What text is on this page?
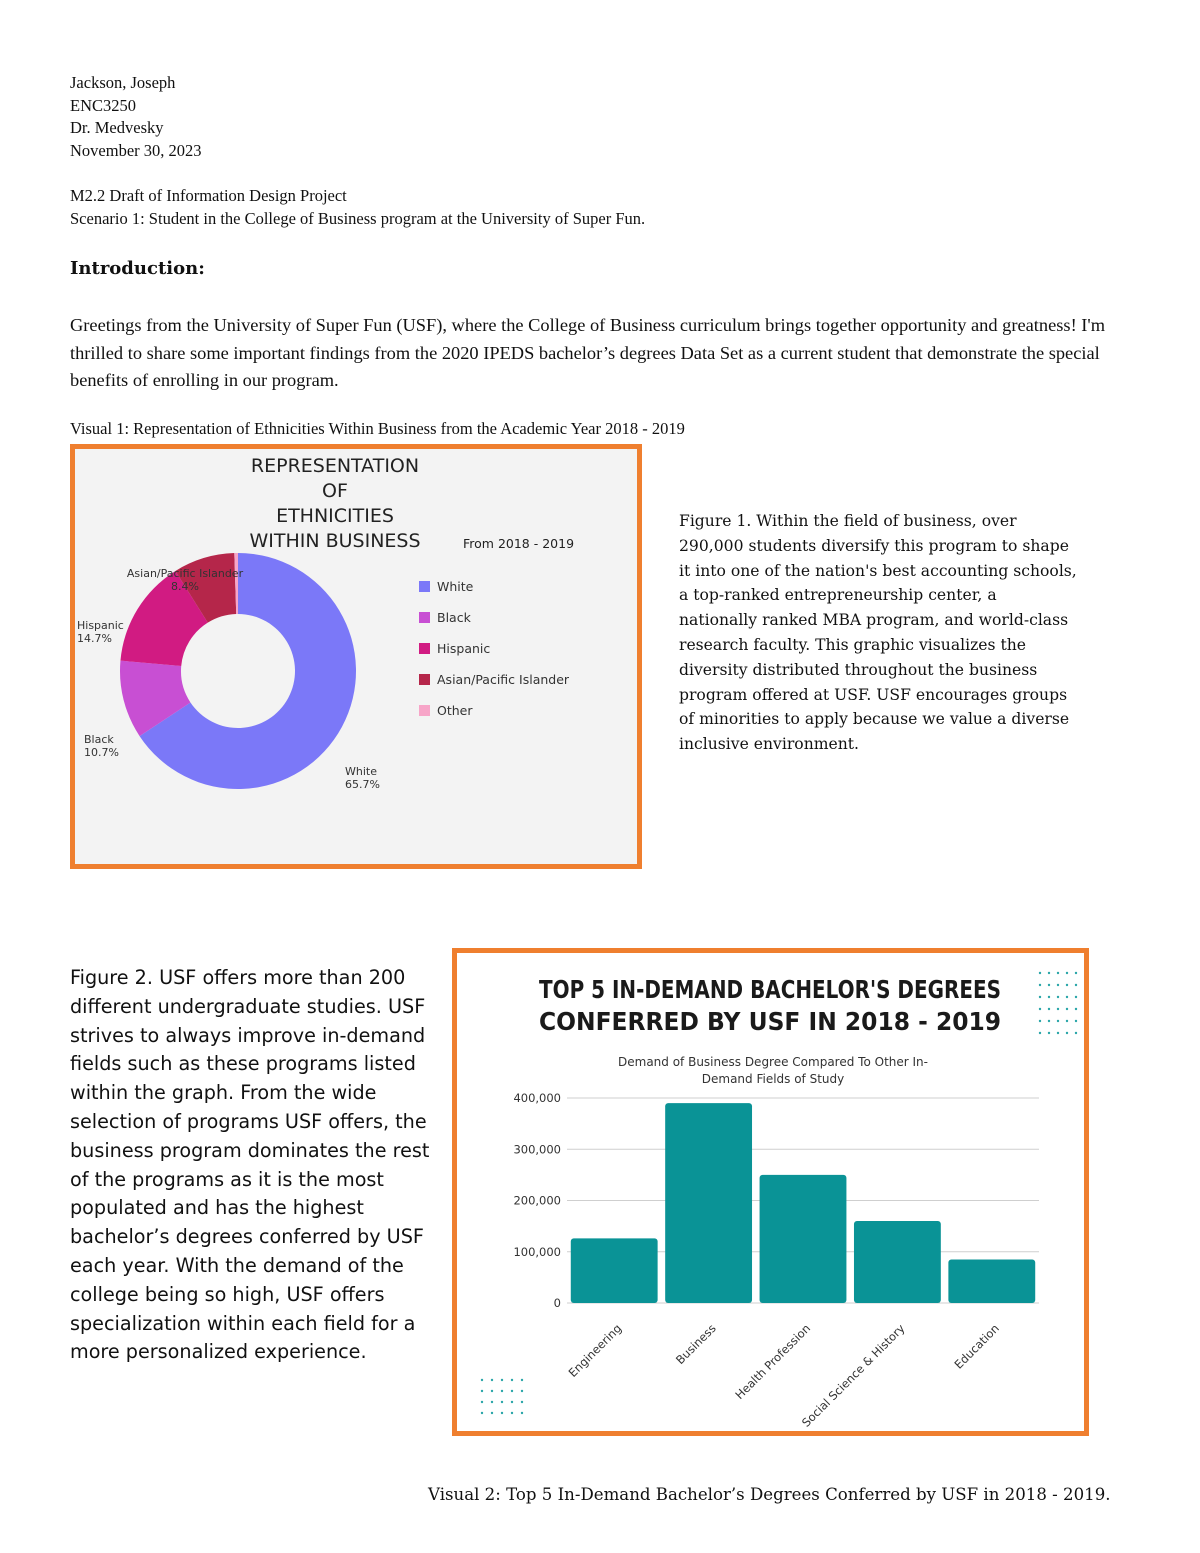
Jackson, Joseph
ENC3250
Dr. Medvesky
November 30, 2023
M2.2 Draft of Information Design Project
Scenario 1: Student in the College of Business program at the University of Super Fun.
Introduction:
Greetings from the University of Super Fun (USF), where the College of Business curriculum brings together opportunity and greatness! I'm thrilled to share some important findings from the 2020 IPEDS bachelor’s degrees Data Set as a current student that demonstrate the special benefits of enrolling in our program.
Visual 1: Representation of Ethnicities Within Business from the Academic Year 2018 - 2019
REPRESENTATION
OF
ETHNICITIES
WITHIN BUSINESS	From 2018 - 2019
White
65.7%
Black
10.7%
Hispanic
14.7%
Asian/Pacific Islander
8.4%	White
Black
Hispanic
Asian/Pacific Islander
Other
Figure 1. Within the field of business, over 290,000 students diversify this program to shape it into one of the nation's best accounting schools, a top-ranked entrepreneurship center, a nationally ranked MBA program, and world-class research faculty. This graphic visualizes the diversity distributed throughout the business program offered at USF. USF encourages groups of minorities to apply because we value a diverse inclusive environment.
Figure 2. USF offers more than 200 different undergraduate studies. USF strives to always improve in-demand fields such as these programs listed within the graph. From the wide selection of programs USF offers, the business program dominates the rest of the programs as it is the most populated and has the highest bachelor’s degrees conferred by USF each year. With the demand of the college being so high, USF offers specialization within each field for a more personalized experience.
TOP 5 IN-DEMAND BACHELOR'S DEGREES
CONFERRED BY USF IN 2018 - 2019
Demand of Business Degree Compared To Other In-
Demand Fields of Study
0
100,000
200,000
300,000
400,000
Engineering	Business Health Profession
Social Science & History	Education
Visual 2: Top 5 In-Demand Bachelor’s Degrees Conferred by USF in 2018 - 2019.
